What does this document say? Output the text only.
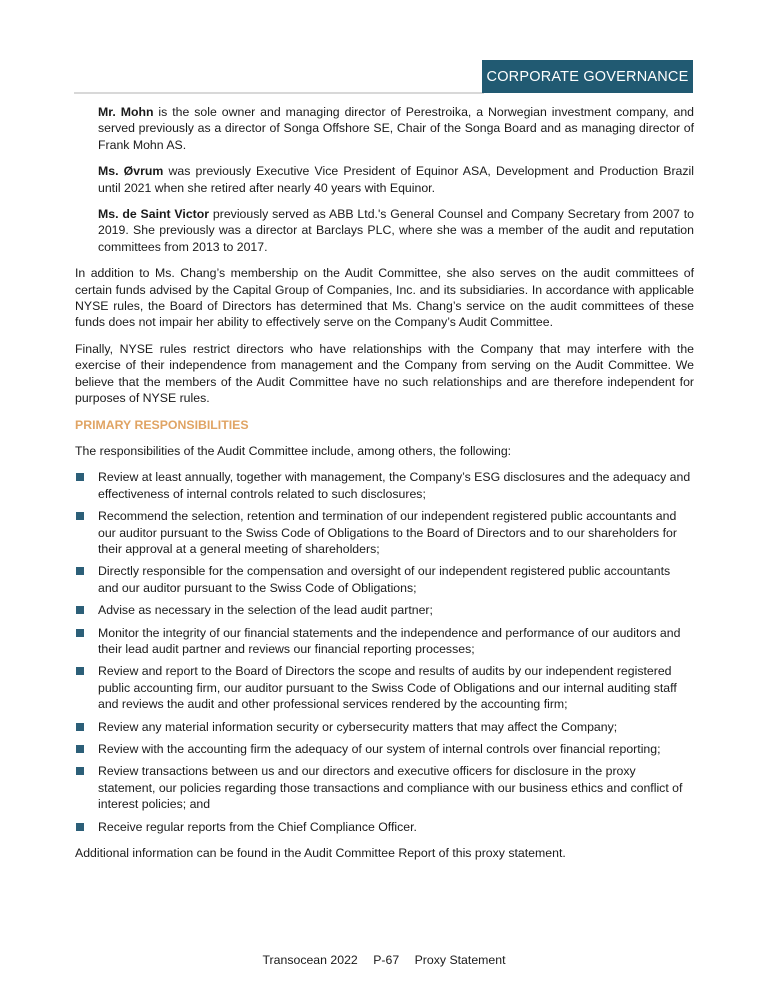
CORPORATE GOVERNANCE

Mr. Mohn is the sole owner and managing director of Perestroika, a Norwegian investment company, and served previously as a director of Songa Offshore SE, Chair of the Songa Board and as managing director of Frank Mohn AS.

Ms. Øvrum was previously Executive Vice President of Equinor ASA, Development and Production Brazil until 2021 when she retired after nearly 40 years with Equinor.

Ms. de Saint Victor previously served as ABB Ltd.'s General Counsel and Company Secretary from 2007 to 2019. She previously was a director at Barclays PLC, where she was a member of the audit and reputation committees from 2013 to 2017.

In addition to Ms. Chang’s membership on the Audit Committee, she also serves on the audit committees of certain funds advised by the Capital Group of Companies, Inc. and its subsidiaries. In accordance with applicable NYSE rules, the Board of Directors has determined that Ms. Chang’s service on the audit committees of these funds does not impair her ability to effectively serve on the Company’s Audit Committee.

Finally, NYSE rules restrict directors who have relationships with the Company that may interfere with the exercise of their independence from management and the Company from serving on the Audit Committee. We believe that the members of the Audit Committee have no such relationships and are therefore independent for purposes of NYSE rules.

PRIMARY RESPONSIBILITIES

The responsibilities of the Audit Committee include, among others, the following:

Review at least annually, together with management, the Company’s ESG disclosures and the adequacy and effectiveness of internal controls related to such disclosures;
Recommend the selection, retention and termination of our independent registered public accountants and our auditor pursuant to the Swiss Code of Obligations to the Board of Directors and to our shareholders for their approval at a general meeting of shareholders;
Directly responsible for the compensation and oversight of our independent registered public accountants and our auditor pursuant to the Swiss Code of Obligations;
Advise as necessary in the selection of the lead audit partner;
Monitor the integrity of our financial statements and the independence and performance of our auditors and their lead audit partner and reviews our financial reporting processes;
Review and report to the Board of Directors the scope and results of audits by our independent registered public accounting firm, our auditor pursuant to the Swiss Code of Obligations and our internal auditing staff and reviews the audit and other professional services rendered by the accounting firm;
Review any material information security or cybersecurity matters that may affect the Company;
Review with the accounting firm the adequacy of our system of internal controls over financial reporting;
Review transactions between us and our directors and executive officers for disclosure in the proxy statement, our policies regarding those transactions and compliance with our business ethics and conflict of interest policies; and
Receive regular reports from the Chief Compliance Officer.

Additional information can be found in the Audit Committee Report of this proxy statement.

Transocean 2022 P-67 Proxy Statement
